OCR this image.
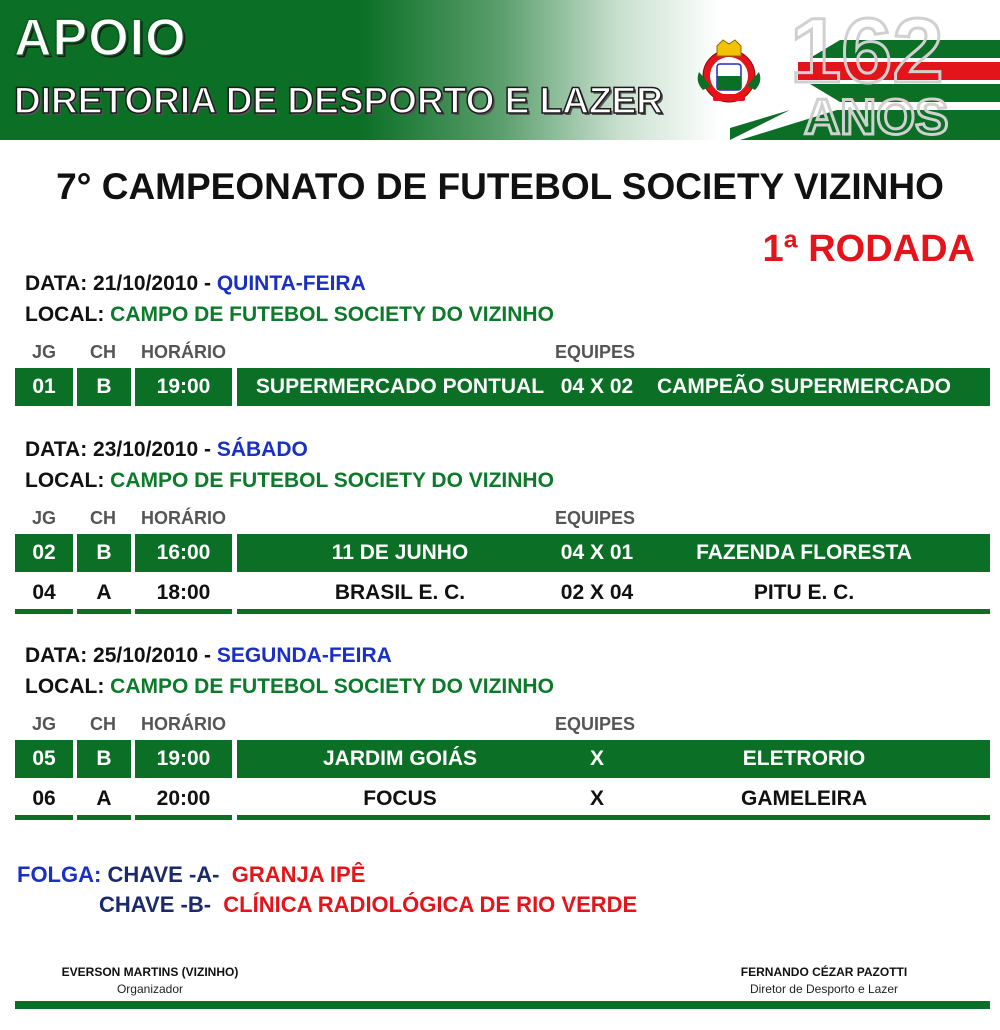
APOIO
DIRETORIA DE DESPORTO E LAZER 162
ANOS
7° CAMPEONATO DE FUTEBOL SOCIETY VIZINHO
1ª RODADA
DATA: 21/10/2010 - QUINTA-FEIRA
LOCAL: CAMPO DE FUTEBOL SOCIETY DO VIZINHO
JG CH HORÁRIO	EQUIPES
01	B	19:00	SUPERMERCADO PONTUAL 04 X 02	CAMPEÃO SUPERMERCADO
DATA: 23/10/2010 - SÁBADO
LOCAL: CAMPO DE FUTEBOL SOCIETY DO VIZINHO
JG CH HORÁRIO	EQUIPES
02	B	16:00	11 DE JUNHO	04 X 01	FAZENDA FLORESTA
04	A	18:00	BRASIL E. C.	02 X 04	PITU E. C.
DATA: 25/10/2010 - SEGUNDA-FEIRA
LOCAL: CAMPO DE FUTEBOL SOCIETY DO VIZINHO
JG CH HORÁRIO	EQUIPES
05	B	19:00	JARDIM GOIÁS	X	ELETRORIO
06	A	20:00	FOCUS	X	GAMELEIRA
FOLGA: CHAVE -A- GRANJA IPÊ
CHAVE -B- CLÍNICA RADIOLÓGICA DE RIO VERDE
EVERSON MARTINS (VIZINHO)
Organizador
FERNANDO CÉZAR PAZOTTI
Diretor de Desporto e Lazer
